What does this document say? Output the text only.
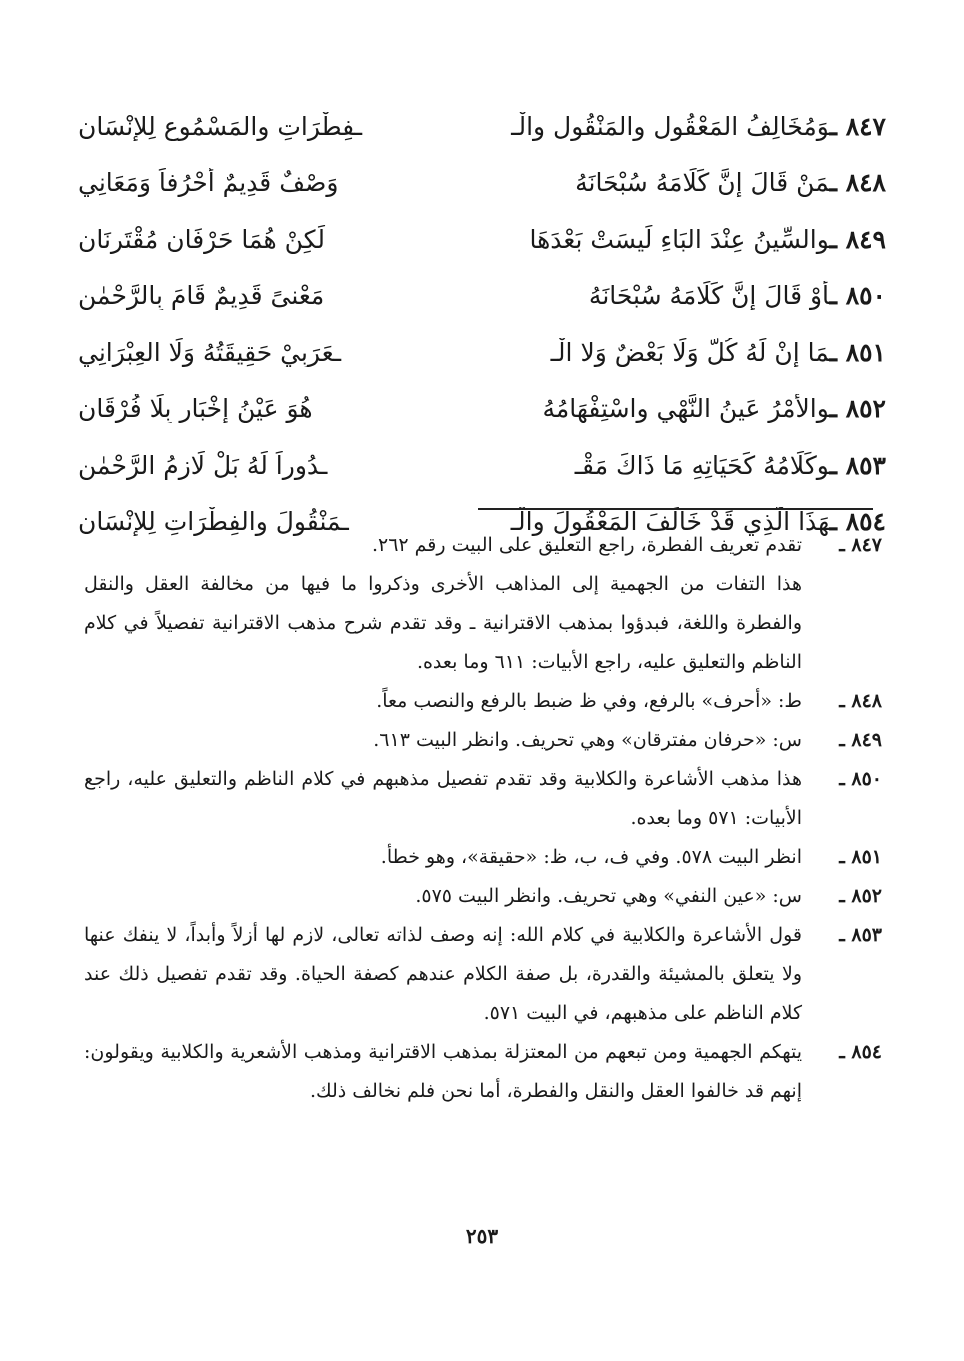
٨٤٧ ـوَمُخَالِفُ المَعْقُولِ والمَنْقُولِ والْـ
ـفِطْرَاتِ والمَسْمُوعِ لِلإِنْسَانِ
٨٤٨ ـمَنْ قَالَ إِنَّ كَلَامَهُ سُبْحَانَهُ
وَصْفٌ قَدِيمٌ أَحْرُفاً وَمَعَانِي
٨٤٩ ـوالسِّينُ عِنْدَ البَاءِ لَيسَتْ بَعْدَهَا
لَكِنْ هُمَا حَرْفَانِ مُقْتَرِنَانِ
٨٥٠ ـأَوْ قَالَ إِنَّ كَلَامَهُ سُبْحَانَهُ
مَعْنىً قَدِيمٌ قَامَ بِالرَّحْمٰنِ
٨٥١ ـمَا إِنْ لَهُ كُلٌّ وَلَا بَعْضٌ وَلا الْـ
ـعَرَبِيْ حَقِيقَتُهُ وَلَا العِبْرَانِي
٨٥٢ ـوالأَمْرُ عَينُ النَّهْيِ واسْتِفْهَامُهُ
هُوَ عَيْنُ إِخْبَارٍ بِلَا فُرْقَانِ
٨٥٣ ـوكَلَامُهُ كَحَيَاتِهِ مَا ذَاكَ مَقْـ
ـدُوراً لَهُ بَلْ لَازِمُ الرَّحْمٰنِ
٨٥٤ ـهَذَا الَّذِي قَدْ خَالَفَ المَعْقُولَ والْـ
ـمَنْقُولَ والفِطْرَاتِ لِلإِنْسَانِ
٨٤٧ ـ
تقدم تعريف الفطرة، راجع التعليق على البيت رقم ٢٦٢.
هذا التفات من الجهمية إلى المذاهب الأخرى وذكروا ما فيها من مخالفة العقل والنقل والفطرة واللغة، فبدؤوا بمذهب الاقترانية ـ وقد تقدم شرح مذهب الاقترانية تفصيلاً في كلام الناظم والتعليق عليه، راجع الأبيات: ٦١١ وما بعده.
٨٤٨ ـ
ط: «أحرف» بالرفع، وفي ظ ضبط بالرفع والنصب معاً.
٨٤٩ ـ
س: «حرفان مفترقان» وهي تحريف. وانظر البيت ٦١٣.
٨٥٠ ـ
هذا مذهب الأشاعرة والكلابية وقد تقدم تفصيل مذهبهم في كلام الناظم والتعليق عليه، راجع الأبيات: ٥٧١ وما بعده.
٨٥١ ـ
انظر البيت ٥٧٨. وفي ف، ب، ظ: «حقيقة»، وهو خطأ.
٨٥٢ ـ
س: «عين النفي» وهي تحريف. وانظر البيت ٥٧٥.
٨٥٣ ـ
قول الأشاعرة والكلابية في كلام الله: إنه وصف لذاته تعالى، لازم لها أزلاً وأبداً، لا ينفك عنها ولا يتعلق بالمشيئة والقدرة، بل صفة الكلام عندهم كصفة الحياة. وقد تقدم تفصيل ذلك عند كلام الناظم على مذهبهم، في البيت ٥٧١.
٨٥٤ ـ
يتهكم الجهمية ومن تبعهم من المعتزلة بمذهب الاقترانية ومذهب الأشعرية والكلابية ويقولون: إنهم قد خالفوا العقل والنقل والفطرة، أما نحن فلم نخالف ذلك.
٢٥٣
